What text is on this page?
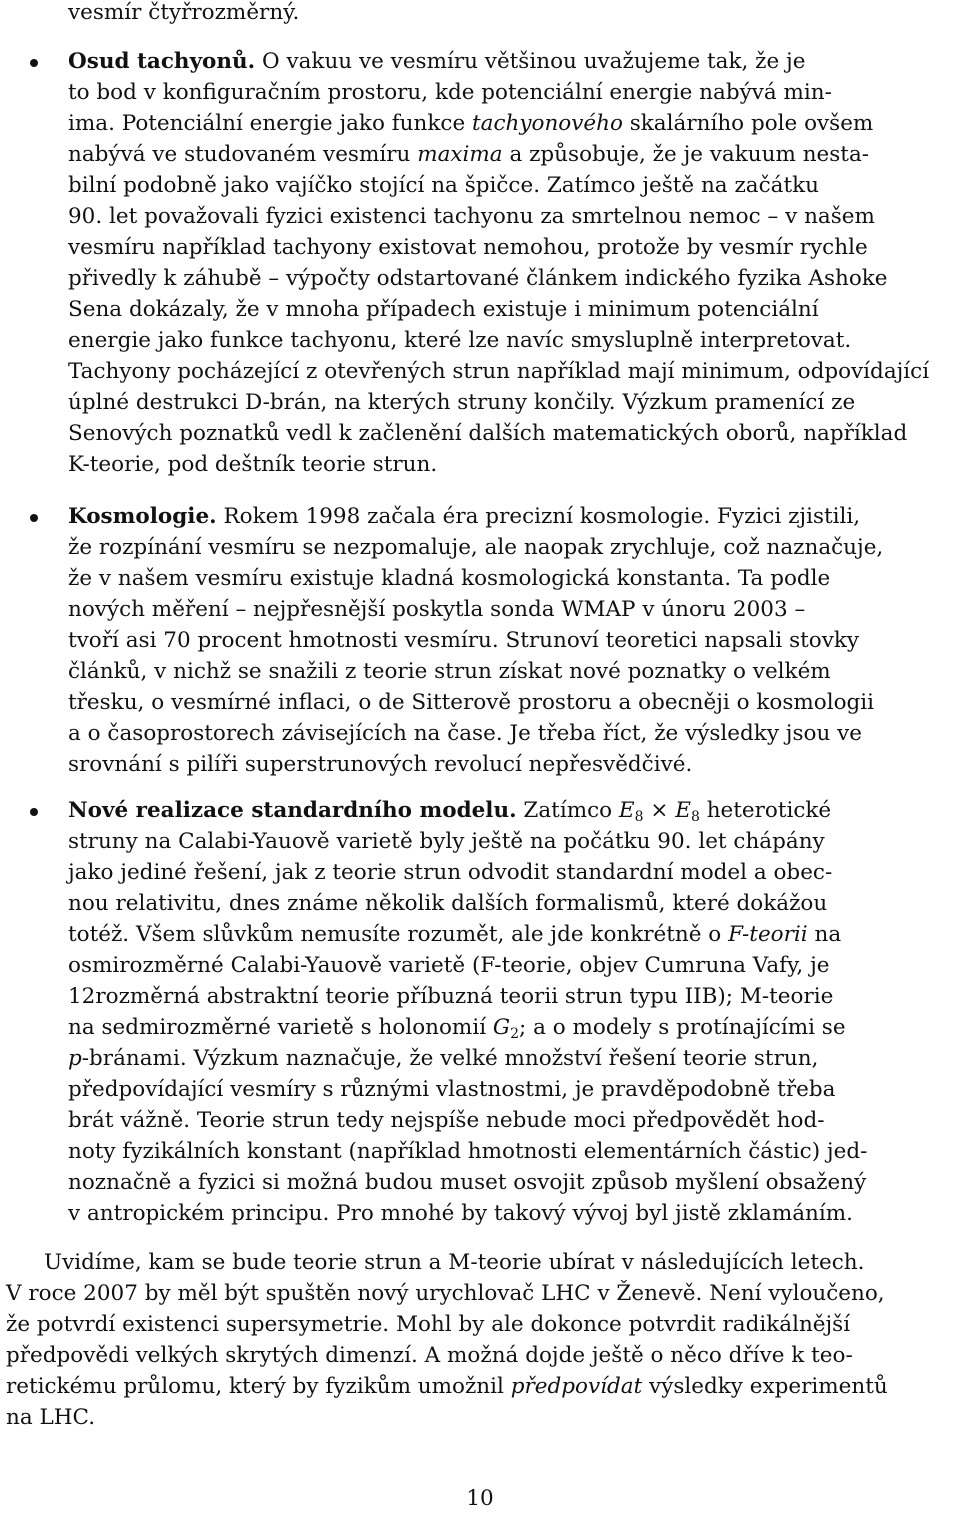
vesmír čtyřrozměrný.
Osud tachyonů. O vakuu ve vesmíru většinou uvažujeme tak, že je
to bod v konfiguračním prostoru, kde potenciální energie nabývá min-
ima. Potenciální energie jako funkce tachyonového skalárního pole ovšem
nabývá ve studovaném vesmíru maxima a způsobuje, že je vakuum nesta-
bilní podobně jako vajíčko stojící na špičce. Zatímco ještě na začátku
90. let považovali fyzici existenci tachyonu za smrtelnou nemoc – v našem
vesmíru například tachyony existovat nemohou, protože by vesmír rychle
přivedly k záhubě – výpočty odstartované článkem indického fyzika Ashoke
Sena dokázaly, že v mnoha případech existuje i minimum potenciální
energie jako funkce tachyonu, které lze navíc smysluplně interpretovat.
Tachyony pocházející z otevřených strun například mají minimum, odpovídající
úplné destrukci D-brán, na kterých struny končily. Výzkum pramenící ze
Senových poznatků vedl k začlenění dalších matematických oborů, například
K-teorie, pod deštník teorie strun.
Kosmologie. Rokem 1998 začala éra precizní kosmologie. Fyzici zjistili,
že rozpínání vesmíru se nezpomaluje, ale naopak zrychluje, což naznačuje,
že v našem vesmíru existuje kladná kosmologická konstanta. Ta podle
nových měření – nejpřesnější poskytla sonda WMAP v únoru 2003 –
tvoří asi 70 procent hmotnosti vesmíru. Strunoví teoretici napsali stovky
článků, v nichž se snažili z teorie strun získat nové poznatky o velkém
třesku, o vesmírné inflaci, o de Sitterově prostoru a obecněji o kosmologii
a o časoprostorech závisejících na čase. Je třeba říct, že výsledky jsou ve
srovnání s pilíři superstrunových revolucí nepřesvědčivé.
Nové realizace standardního modelu. Zatímco $E_8 \times E_8$ heterotické
struny na Calabi-Yauově varietě byly ještě na počátku 90. let chápány
jako jediné řešení, jak z teorie strun odvodit standardní model a obec-
nou relativitu, dnes známe několik dalších formalismů, které dokážou
totéž. Všem slůvkům nemusíte rozumět, ale jde konkrétně o F-teorii na
osmirozměrné Calabi-Yauově varietě (F-teorie, objev Cumruna Vafy, je
12rozměrná abstraktní teorie příbuzná teorii strun typu IIB); M-teorie
na sedmirozměrné varietě s holonomií $G_2$; a o modely s protínajícími se
p-bránami. Výzkum naznačuje, že velké množství řešení teorie strun,
předpovídající vesmíry s různými vlastnostmi, je pravděpodobně třeba
brát vážně. Teorie strun tedy nejspíše nebude moci předpovědět hod-
noty fyzikálních konstant (například hmotnosti elementárních částic) jed-
noznačně a fyzici si možná budou muset osvojit způsob myšlení obsažený
v antropickém principu. Pro mnohé by takový vývoj byl jistě zklamáním.
Uvidíme, kam se bude teorie strun a M-teorie ubírat v následujících letech.
V roce 2007 by měl být spuštěn nový urychlovač LHC v Ženevě. Není vyloučeno,
že potvrdí existenci supersymetrie. Mohl by ale dokonce potvrdit radikálnější
předpovědi velkých skrytých dimenzí. A možná dojde ještě o něco dříve k teo-
retickému průlomu, který by fyzikům umožnil předpovídat výsledky experimentů
na LHC.
10
